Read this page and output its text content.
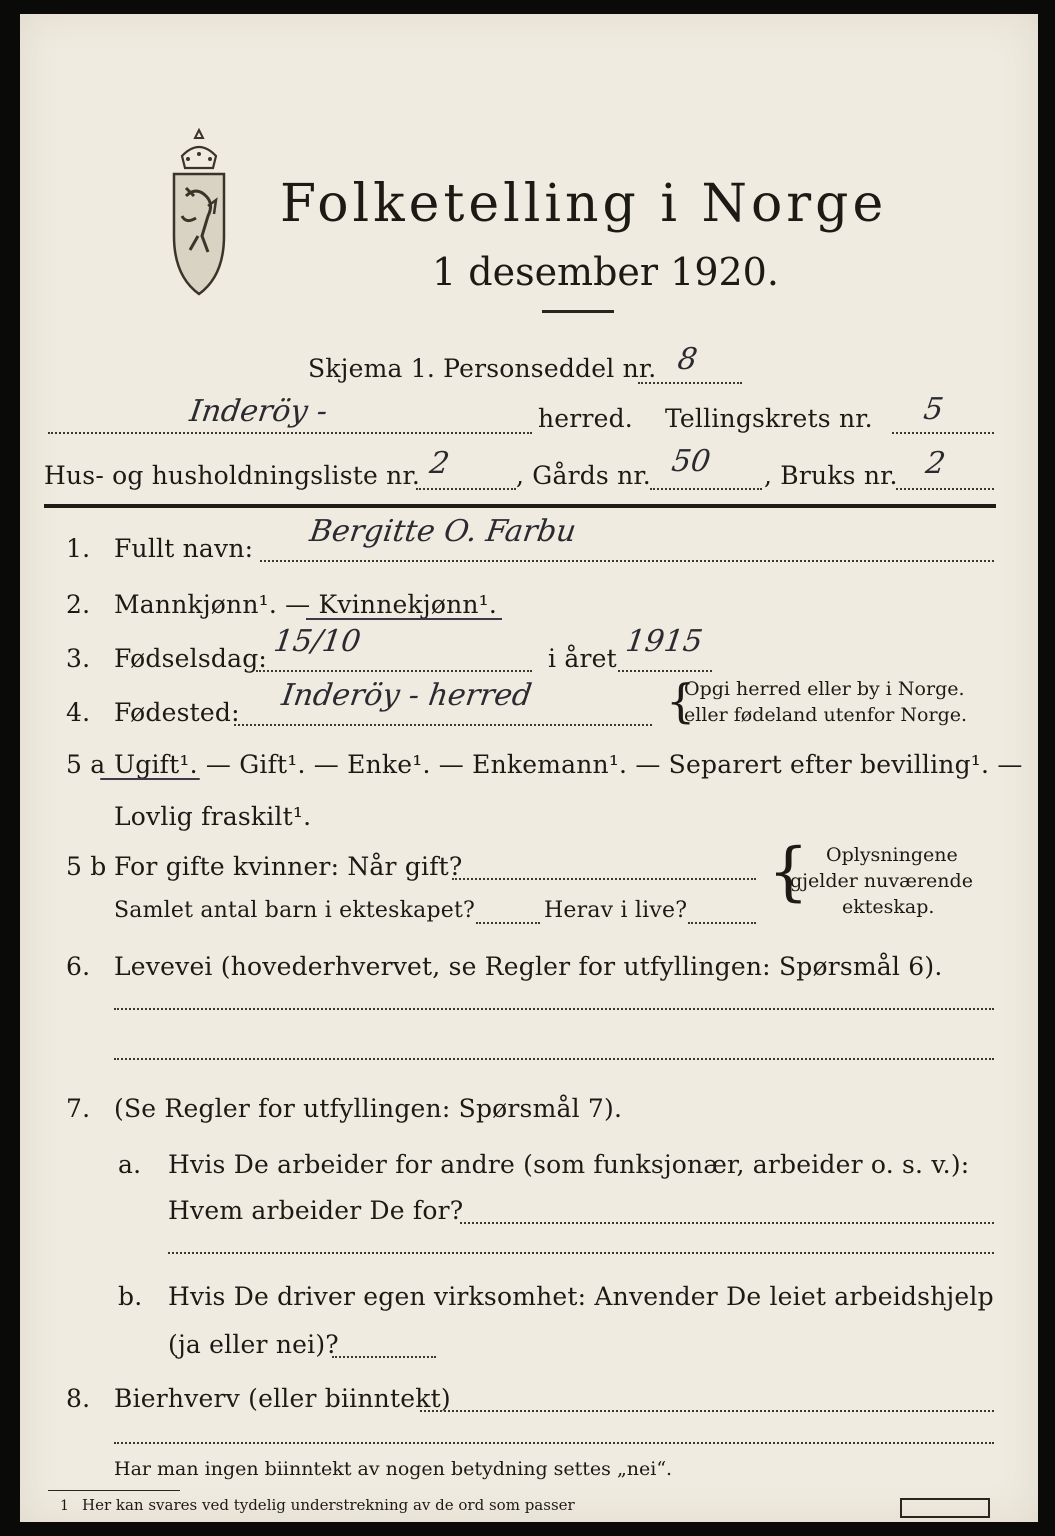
Folketelling i Norge
1 desember 1920.
Skjema 1. Personseddel nr. 8
Inderöy -	herred. Tellingskrets nr. 5
Hus- og husholdningsliste nr. 2	, Gårds nr. 50 , Bruks nr. 2
1. Fullt navn: Bergitte O. Farbu
2. Mannkjønn¹. — Kvinnekjønn¹.
3. Fødselsdag: 15/10	i året 1915
4. Fødested: Inderöy - herred	{
Opgi herred eller by i Norge.
eller fødeland utenfor Norge.
5 a Ugift¹. — Gift¹. — Enke¹. — Enkemann¹. — Separert efter bevilling¹. —
Lovlig fraskilt¹.
5 b For gifte kvinner: Når gift?
Samlet antal barn i ekteskapet?	Herav i live?
{ Oplysningene
gjelder nuværende
ekteskap.
6. Levevei (hovederhvervet, se Regler for utfyllingen: Spørsmål 6).
7. (Se Regler for utfyllingen: Spørsmål 7).
a. Hvis De arbeider for andre (som funksjonær, arbeider o. s. v.):
Hvem arbeider De for?
b. Hvis De driver egen virksomhet: Anvender De leiet arbeidshjelp
(ja eller nei)?
8. Bierhverv (eller biinntekt)
Har man ingen biinntekt av nogen betydning settes „nei“.
1 Her kan svares ved tydelig understrekning av de ord som passer
